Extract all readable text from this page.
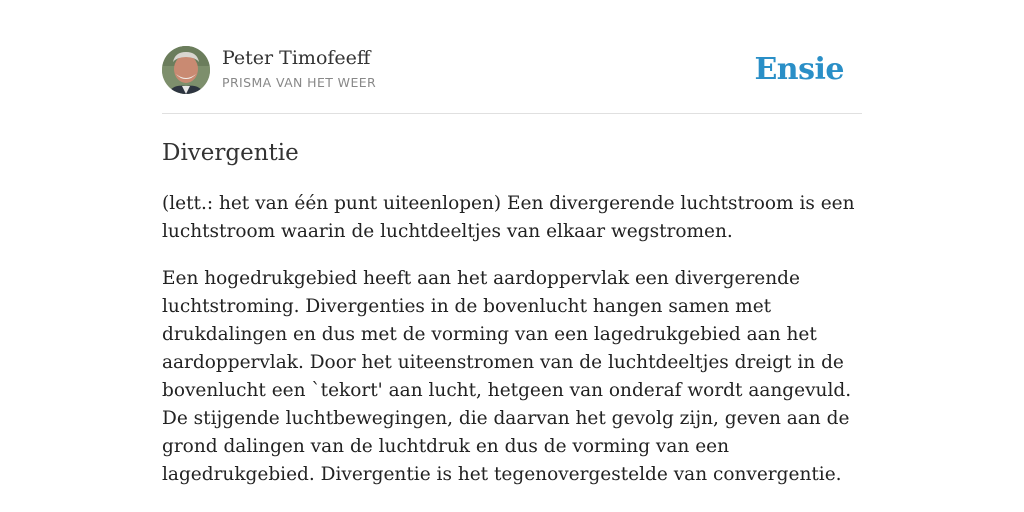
Peter Timofeeff
PRISMA VAN HET WEER	Ensie
Divergentie

(lett.: het van één punt uiteenlopen) Een divergerende luchtstroom is een luchtstroom waarin de luchtdeeltjes van elkaar wegstromen.

Een hogedrukgebied heeft aan het aardoppervlak een divergerende luchtstroming. Divergenties in de bovenlucht hangen samen met drukdalingen en dus met de vorming van een lagedrukgebied aan het aardoppervlak. Door het uiteenstromen van de luchtdeeltjes dreigt in de bovenlucht een `tekort' aan lucht, hetgeen van onderaf wordt aangevuld. De stijgende luchtbewegingen, die daarvan het gevolg zijn, geven aan de grond dalingen van de luchtdruk en dus de vorming van een lagedrukgebied. Divergentie is het tegenovergestelde van convergentie.
